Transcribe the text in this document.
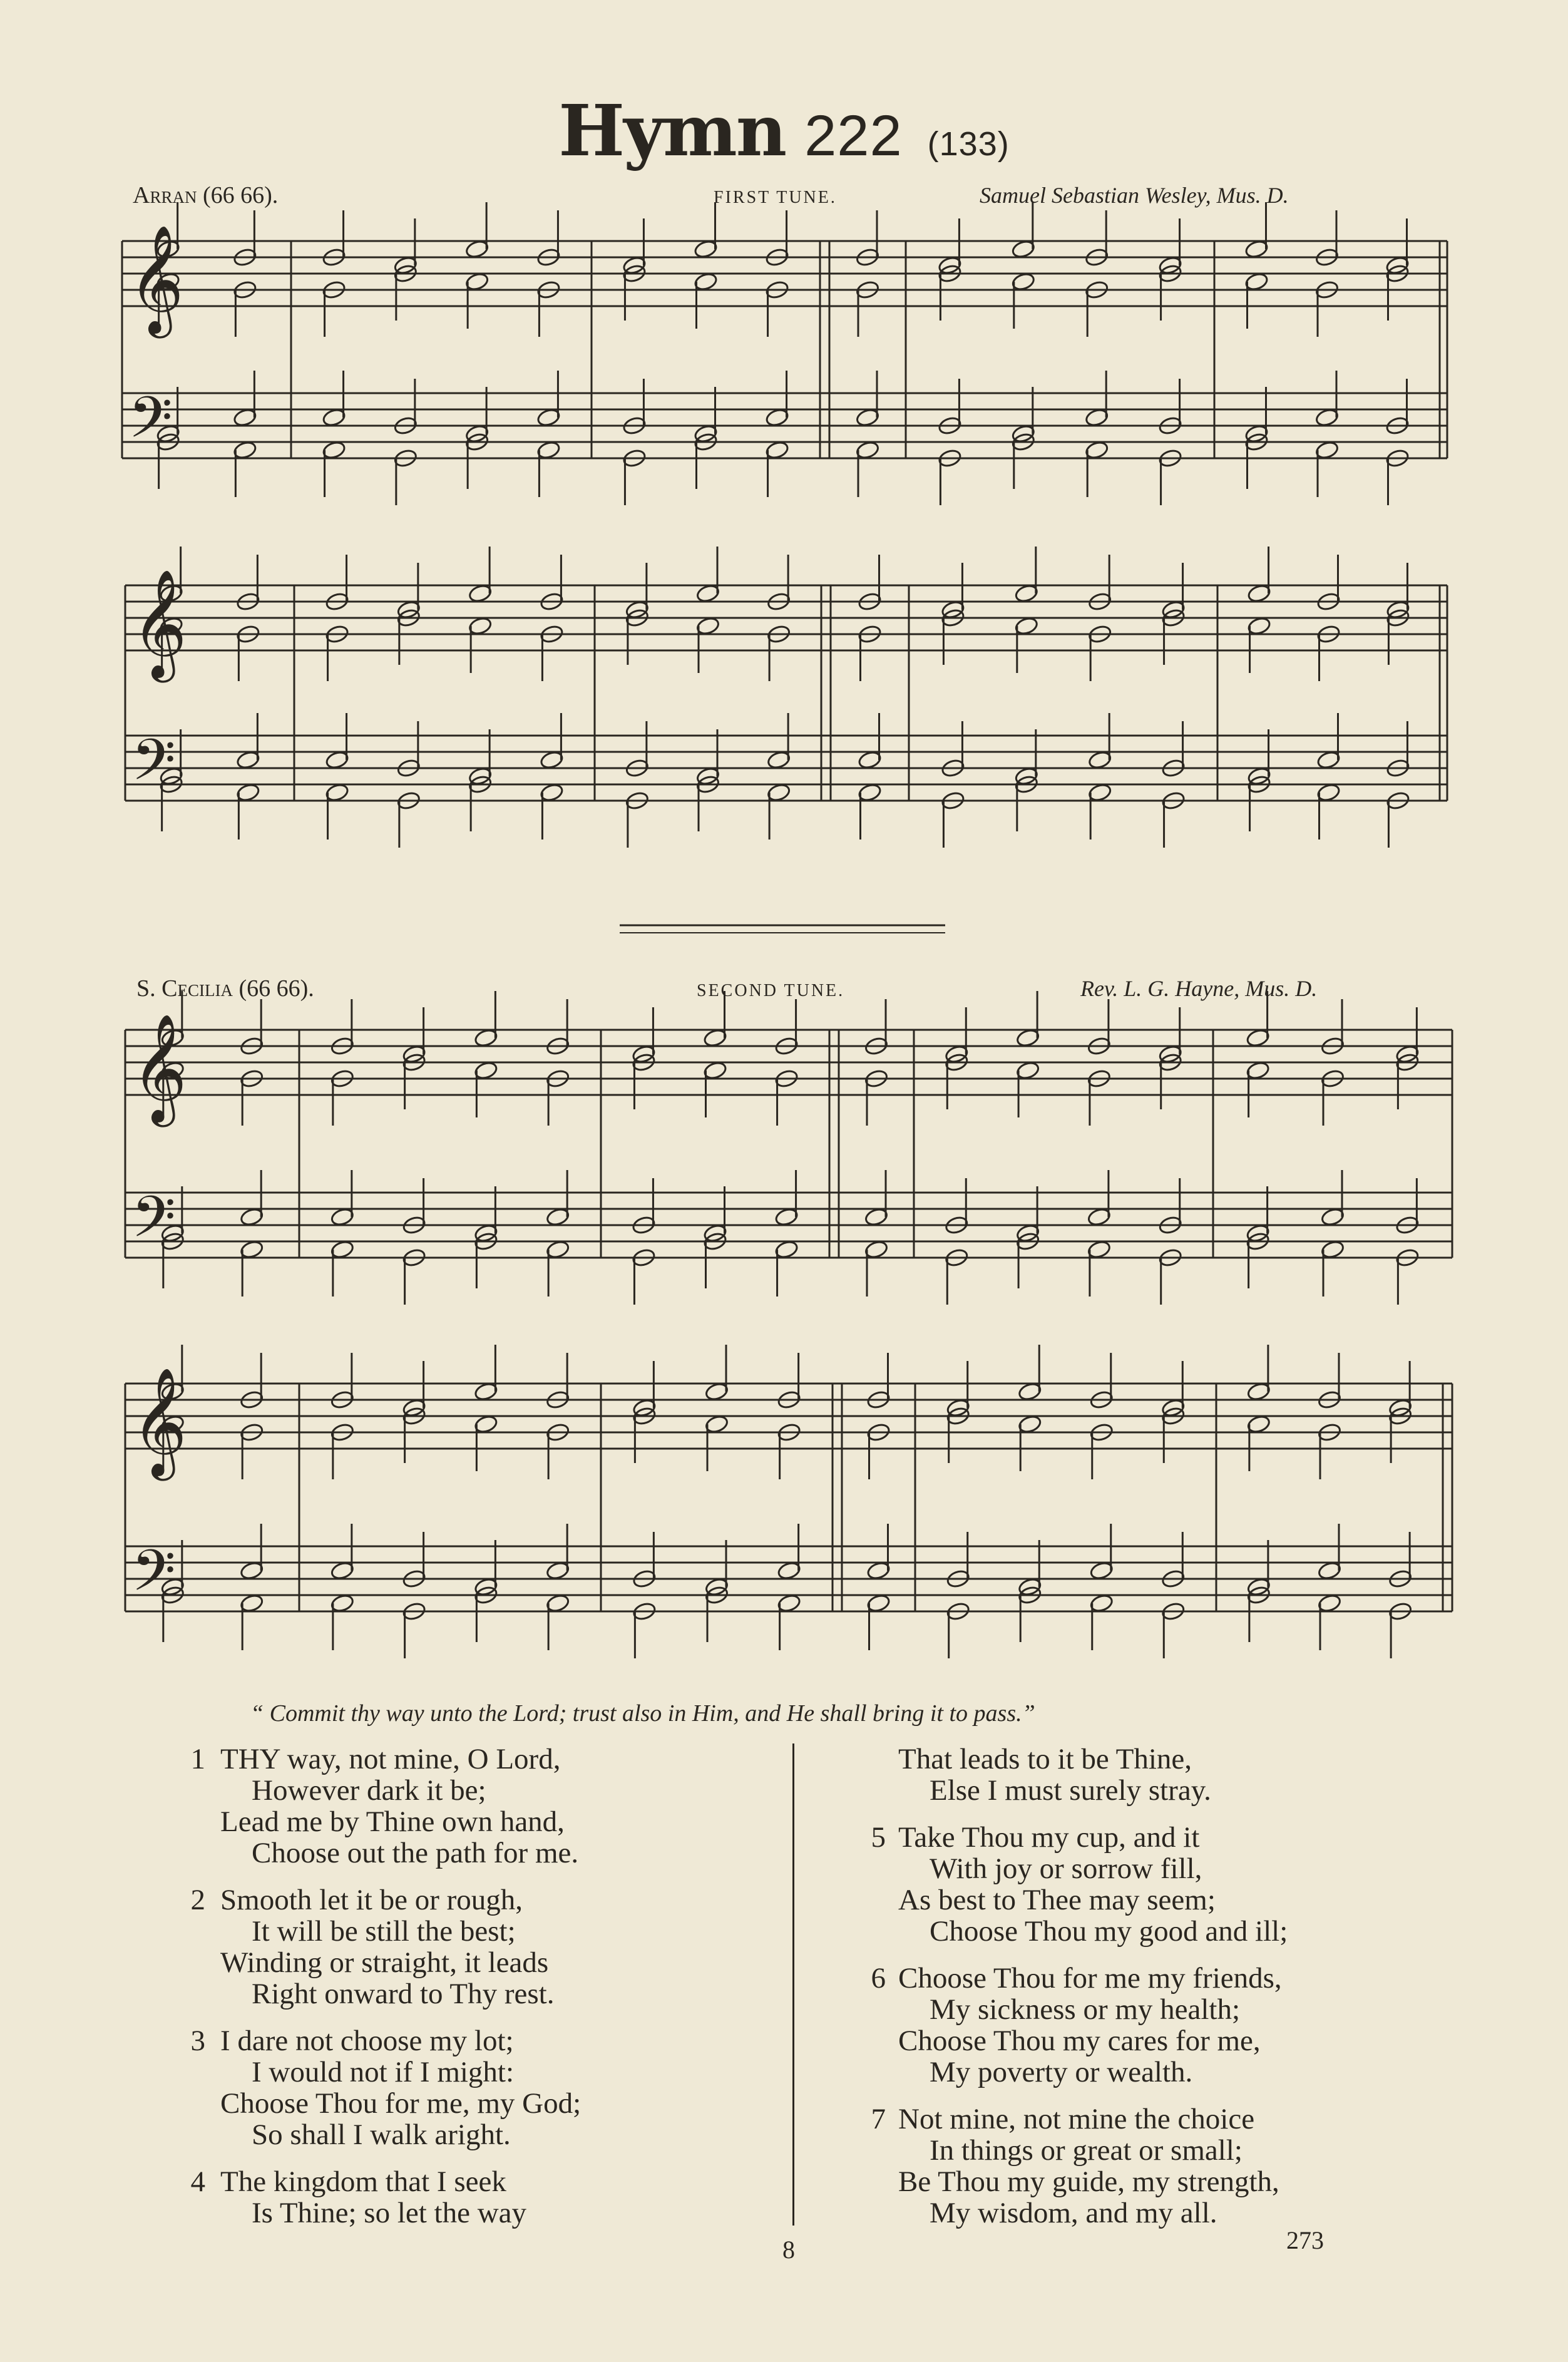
Hymn 222 (133)
Arran (66 66).	FIRST TUNE.	Samuel Sebastian Wesley, Mus. D.
S. Cecilia (66 66).	SECOND TUNE.	Rev. L. G. Hayne, Mus. D.
𝄞
𝄢
𝄞
𝄢
𝄞
𝄢
𝄞
𝄢
“ Commit thy way unto the Lord; trust also in Him, and He shall bring it to pass.”

1

THY way, not mine, O Lord,

However dark it be;

Lead me by Thine own hand,

Choose out the path for me.

2

Smooth let it be or rough,

It will be still the best;

Winding or straight, it leads

Right onward to Thy rest.

3

I dare not choose my lot;

I would not if I might:

Choose Thou for me, my God;

So shall I walk aright.

4

The kingdom that I seek

Is Thine; so let the way

That leads to it be Thine,

Else I must surely stray.

5

Take Thou my cup, and it

With joy or sorrow fill,

As best to Thee may seem;

Choose Thou my good and ill;

6

Choose Thou for me my friends,

My sickness or my health;

Choose Thou my cares for me,

My poverty or wealth.

7

Not mine, not mine the choice

In things or great or small;

Be Thou my guide, my strength,

My wisdom, and my all.

8	273
